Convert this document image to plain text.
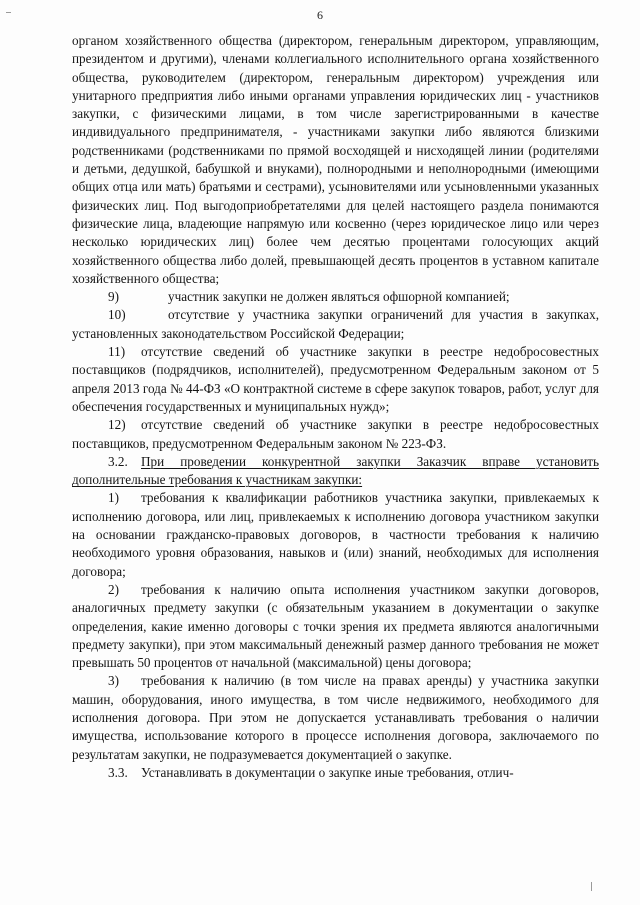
6

органом хозяйственного общества (директором, генеральным директором, управляющим, президентом и другими), членами коллегиального исполнительного органа хозяйственного общества, руководителем (директором, генеральным директором) учреждения или унитарного предприятия либо иными органами управления юридических лиц - участников закупки, с физическими лицами, в том числе зарегистрированными в качестве индивидуального предпринимателя, - участниками закупки либо являются близкими родственниками (родственниками по прямой восходящей и нисходящей линии (родителями и детьми, дедушкой, бабушкой и внуками), полнородными и неполнородными (имеющими общих отца или мать) братьями и сестрами), усыновителями или усыновленными указанных физических лиц. Под выгодоприобретателями для целей настоящего раздела понимаются физические лица, владеющие напрямую или косвенно (через юридическое лицо или через несколько юридических лиц) более чем десятью процентами голосующих акций хозяйственного общества либо долей, превышающей десять процентов в уставном капитале хозяйственного общества;

9)	участник закупки не должен являться офшорной компанией;

10)	отсутствие у участника закупки ограничений для участия в закупках, установленных законодательством Российской Федерации;

11) отсутствие сведений об участнике закупки в реестре недобросовестных поставщиков (подрядчиков, исполнителей), предусмотренном Федеральным законом от 5 апреля 2013 года № 44-ФЗ «О контрактной системе в сфере закупок товаров, работ, услуг для обеспечения государственных и муниципальных нужд»;

12) отсутствие сведений об участнике закупки в реестре недобросовестных поставщиков, предусмотренном Федеральным законом № 223-ФЗ.

3.2. При проведении конкурентной закупки Заказчик вправе установить дополнительные требования к участникам закупки:

1) требования к квалификации работников участника закупки, привлекаемых к исполнению договора, или лиц, привлекаемых к исполнению договора участником закупки на основании гражданско-правовых договоров, в частности требования к наличию необходимого уровня образования, навыков и (или) знаний, необходимых для исполнения договора;

2) требования к наличию опыта исполнения участником закупки договоров, аналогичных предмету закупки (с обязательным указанием в документации о закупке определения, какие именно договоры с точки зрения их предмета являются аналогичными предмету закупки), при этом максимальный денежный размер данного требования не может превышать 50 процентов от начальной (максимальной) цены договора;

3) требования к наличию (в том числе на правах аренды) у участника закупки машин, оборудования, иного имущества, в том числе недвижимого, необходимого для исполнения договора. При этом не допускается устанавливать требования о наличии имущества, использование которого в процессе исполнения договора, заключаемого по результатам закупки, не подразумевается документацией о закупке.

3.3. Устанавливать в документации о закупке иные требования, отлич-
